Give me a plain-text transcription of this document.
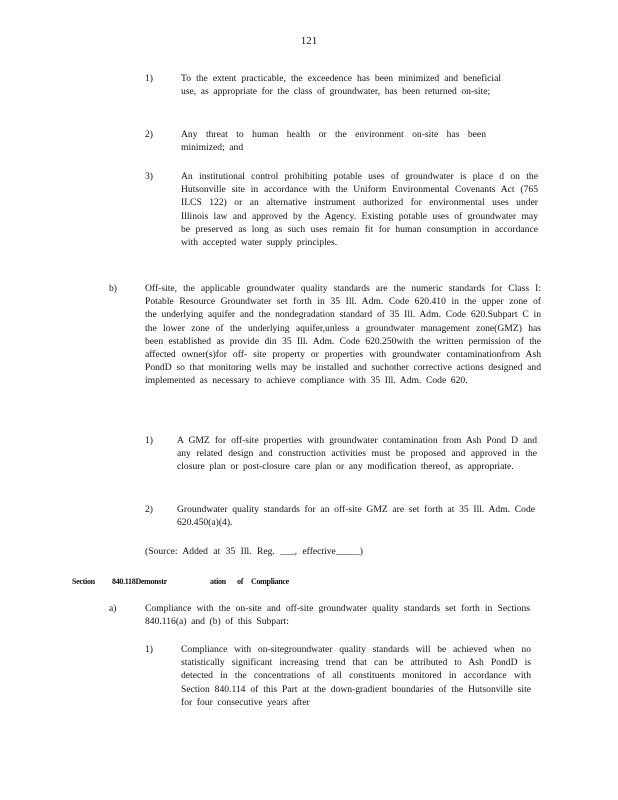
121
1)	To the extent practicable, the exceedence has been minimized and beneficial use, as appropriate for the class of groundwater, has been returned on-site;
2)	Any threat to human health or the environment on-site has been minimized; and
3)	An institutional control prohibiting potable uses of groundwater is place d on the Hutsonville site in accordance with the Uniform Environmental Covenants Act (765 ILCS 122) or an alternative instrument authorized for environmental uses under Illinois law and approved by the Agency. Existing potable uses of groundwater may be preserved as long as such uses remain fit for human consumption in accordance with accepted water supply principles.
b)	Off-site, the applicable groundwater quality standards are the numeric standards for Class I: Potable Resource Groundwater set forth in 35 Ill. Adm. Code 620.410 in the upper zone of the underlying aquifer and the nondegradation standard of 35 Ill. Adm. Code 620.Subpart C in the lower zone of the underlying aquifer,unless a groundwater management zone(GMZ) has been established as provide din 35 Ill. Adm. Code 620.250with the written permission of the affected owner(s)for off- site property or properties with groundwater contaminationfrom Ash PondD so that monitoring wells may be installed and suchother corrective actions designed and implemented as necessary to achieve compliance with 35 Ill. Adm. Code 620.
1)	A GMZ for off-site properties with groundwater contamination from Ash Pond D and any related design and construction activities must be proposed and approved in the closure plan or post-closure care plan or any modification thereof, as appropriate.
2)	Groundwater quality standards for an off-site GMZ are set forth at 35 Ill. Adm. Code 620.450(a)(4).
(Source: Added at 35 Ill. Reg. ___, effective_____)
Section 840.118Demonstr	ation of Compliance
a)	Compliance with the on-site and off-site groundwater quality standards set forth in Sections 840.116(a) and (b) of this Subpart:
1)	Compliance with on-sitegroundwater quality standards will be achieved when no statistically significant increasing trend that can be attributed to Ash PondD is detected in the concentrations of all constituents monitored in accordance with Section 840.114 of this Part at the down-gradient boundaries of the Hutsonville site for four consecutive years after
